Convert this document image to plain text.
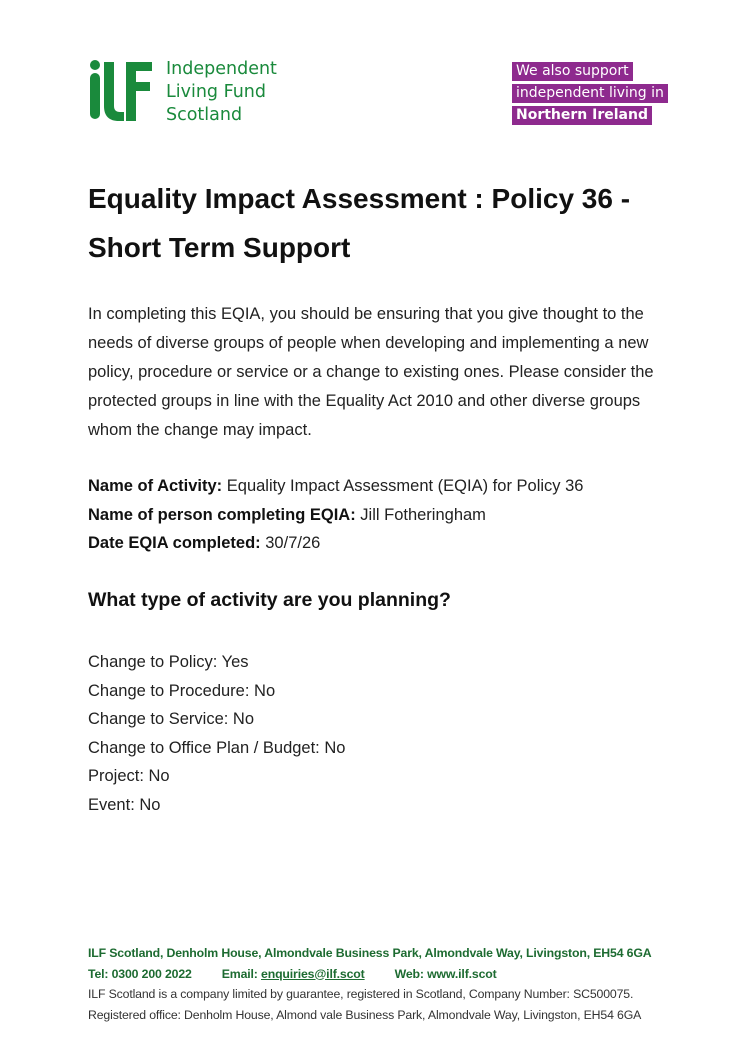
Independent
Living Fund
Scotland
We also support
independent living in
Northern Ireland
Equality Impact Assessment : Policy 36 -
Short Term Support

In completing this EQIA, you should be ensuring that you give thought to the needs of diverse groups of people when developing and implementing a new policy, procedure or service or a change to existing ones. Please consider the protected groups in line with the Equality Act 2010 and other diverse groups whom the change may impact.

Name of Activity: Equality Impact Assessment (EQIA) for Policy 36
Name of person completing EQIA: Jill Fotheringham
Date EQIA completed: 30/7/26
What type of activity are you planning?
Change to Policy: Yes
Change to Procedure: No
Change to Service: No
Change to Office Plan / Budget: No
Project: No
Event: No
ILF Scotland, Denholm House, Almondvale Business Park, Almondvale Way, Livingston, EH54 6GA
Tel: 0300 200 2022 Email: enquiries@ilf.scot Web: www.ilf.scot
ILF Scotland is a company limited by guarantee, registered in Scotland, Company Number: SC500075.
Registered office: Denholm House, Almond vale Business Park, Almondvale Way, Livingston, EH54 6GA
